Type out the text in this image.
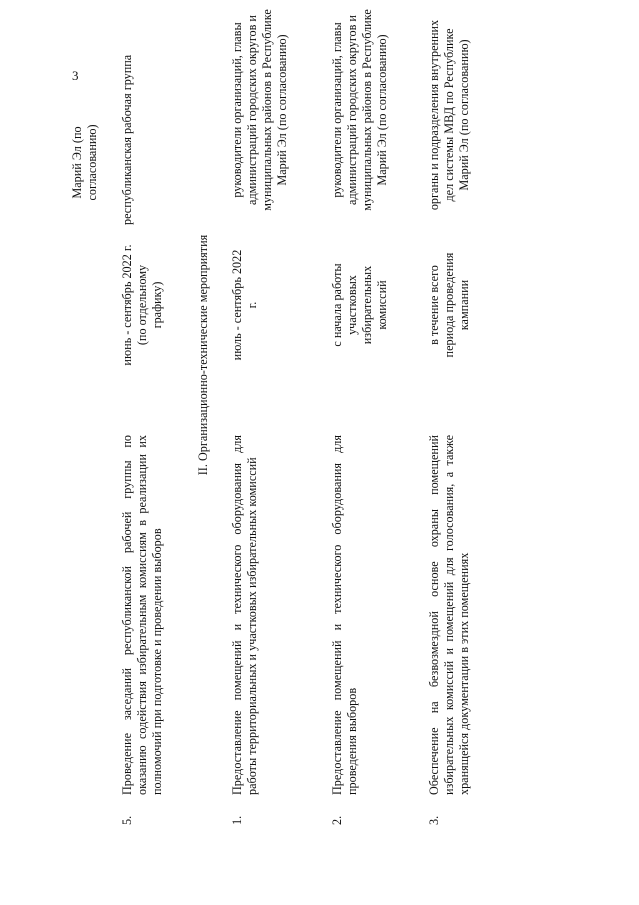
3
Марий Эл (по согласованию)
5.
Проведение заседаний республиканской рабочей группы по оказанию содействия избирательным комиссиям в реализации их полномочий при подготовке и проведении выборов
июнь - сентябрь 2022 г. (по отдельному графику)
республиканская рабочая группа
II. Организационно-технические мероприятия
1.
Предоставление помещений и технического оборудования для работы территориальных и участковых избирательных комиссий
июль - сентябрь 2022 г.
руководители организаций, главы администраций городских округов и муниципальных районов в Республике Марий Эл (по согласованию)
2.
Предоставление помещений и технического оборудования для проведения выборов
с начала работы участковых избирательных комиссий
руководители организаций, главы администраций городских округов и муниципальных районов в Республике Марий Эл (по согласованию)
3.
Обеспечение на безвозмездной основе охраны помещений избирательных комиссий и помещений для голосования, а также хранящейся документации в этих помещениях
в течение всего периода проведения кампании
органы и подразделения внутренних дел системы МВД по Республике Марий Эл (по согласованию)
